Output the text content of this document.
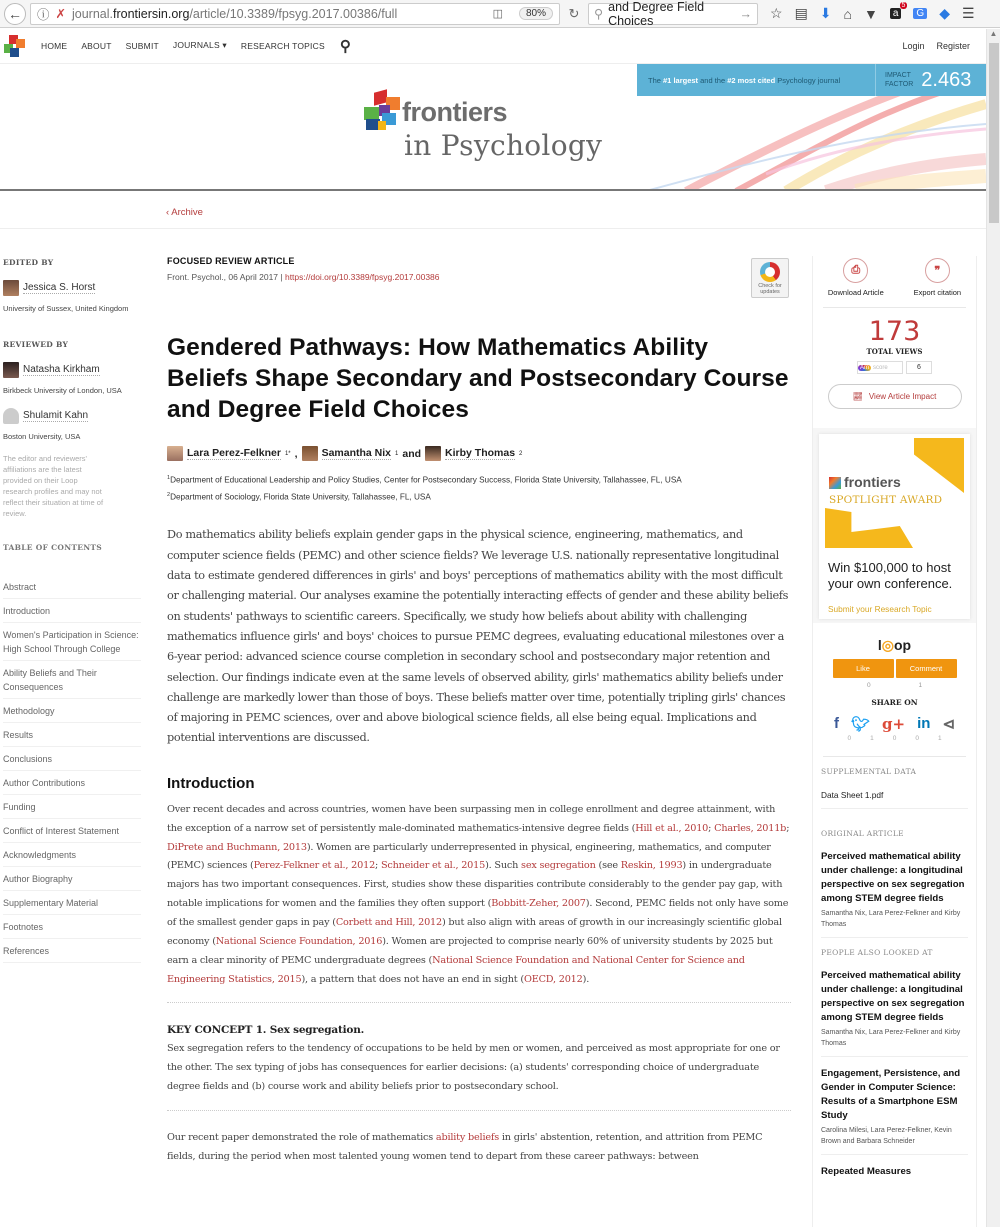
←	ⓘ ✗ journal.frontiersin.org/article/10.3389/fpsyg.2017.00386/full	◫	80%	↻	⚲
and Degree Field Choices	→ ☆ ▤ ⬇ ⌂ ▼	a
5
G ◆ ☰
HOME ABOUT SUBMIT JOURNALS ▾ RESEARCH TOPICS ⚲	Login Register
frontiers
in Psychology
The #1 largest and the #2 most cited Psychology journal	IMPACT
FACTOR 2.463
▲
‹ Archive
EDITED BY
Jessica S. Horst
University of Sussex, United Kingdom
REVIEWED BY
Natasha Kirkham
Birkbeck University of London, USA
Shulamit Kahn
Boston University, USA
The editor and reviewers' affiliations are the latest provided on their Loop research profiles and may not reflect their situation at time of review.
TABLE OF CONTENTS
Abstract
Introduction
Women's Participation in Science: High School Through College
Ability Beliefs and Their Consequences
Methodology
Results
Conclusions
Author Contributions
Funding
Conflict of Interest Statement
Acknowledgments
Author Biography
Supplementary Material
Footnotes
References
FOCUSED REVIEW ARTICLE
Front. Psychol., 06 April 2017 | https://doi.org/10.3389/fpsyg.2017.00386
Check for updates
Gendered Pathways: How Mathematics Ability Beliefs Shape Secondary and Postsecondary Course and Degree Field Choices
Lara Perez-Felkner 1* , Samantha Nix 1 and Kirby Thomas 2
$^1$Department of Educational Leadership and Policy Studies, Center for Postsecondary Success, Florida State University, Tallahassee, FL, USA
$^2$Department of Sociology, Florida State University, Tallahassee, FL, USA

Do mathematics ability beliefs explain gender gaps in the physical science, engineering, mathematics, and computer science fields (PEMC) and other science fields? We leverage U.S. nationally representative longitudinal data to estimate gendered differences in girls' and boys' perceptions of mathematics ability with the most difficult or challenging material. Our analyses examine the potentially interacting effects of gender and these ability beliefs on students' pathways to scientific careers. Specifically, we study how beliefs about ability with challenging mathematics influence girls' and boys' choices to pursue PEMC degrees, evaluating educational milestones over a 6-year period: advanced science course completion in secondary school and postsecondary major retention and selection. Our findings indicate even at the same levels of observed ability, girls' mathematics ability beliefs under challenge are markedly lower than those of boys. These beliefs matter over time, potentially tripling girls' chances of majoring in PEMC sciences, over and above biological science fields, all else being equal. Implications and potential interventions are discussed.

Introduction

Over recent decades and across countries, women have been surpassing men in college enrollment and degree attainment, with the exception of a narrow set of persistently male-dominated mathematics-intensive degree fields (Hill et al., 2010; Charles, 2011b; DiPrete and Buchmann, 2013). Women are particularly underrepresented in physical, engineering, mathematics, and computer (PEMC) sciences (Perez-Felkner et al., 2012; Schneider et al., 2015). Such sex segregation (see Reskin, 1993) in undergraduate majors has two important consequences. First, studies show these disparities contribute considerably to the gender pay gap, with notable implications for women and the families they often support (Bobbitt-Zeher, 2007). Second, PEMC fields not only have some of the smallest gender gaps in pay (Corbett and Hill, 2012) but also align with areas of growth in our increasingly scientific global economy (National Science Foundation, 2016). Women are projected to comprise nearly 60% of university students by 2025 but earn a clear minority of PEMC undergraduate degrees (National Science Foundation and National Center for Science and Engineering Statistics, 2015), a pattern that does not have an end in sight (OECD, 2012).

KEY CONCEPT 1. Sex segregation.
Sex segregation refers to the tendency of occupations to be held by men or women, and perceived as most appropriate for one or the other. The sex typing of jobs has consequences for earlier decisions: (a) students' corresponding choice of undergraduate degree fields and (b) course work and ability beliefs prior to postsecondary school.

Our recent paper demonstrated the role of mathematics ability beliefs in girls' abstention, retention, and attrition from PEMC fields, during the period when most talented young women tend to depart from these career pathways: between

⎙
Download Article
❞
Export citation
173
TOTAL VIEWS
Am score	6
📈︎ View Article Impact
frontiers
SPOTLIGHT AWARD
Win $100,000 to host your own conference.
Submit your Research Topic
l◎op
Like	Comment
0	1
SHARE ON
f 🐦︎ g+ in ⊲
0	1	0	0	1
SUPPLEMENTAL DATA
Data Sheet 1.pdf
ORIGINAL ARTICLE
Perceived mathematical ability under challenge: a longitudinal perspective on sex segregation among STEM degree fields
Samantha Nix, Lara Perez-Felkner and Kirby Thomas
PEOPLE ALSO LOOKED AT
Perceived mathematical ability under challenge: a longitudinal perspective on sex segregation among STEM degree fields
Samantha Nix, Lara Perez-Felkner and Kirby Thomas
Engagement, Persistence, and Gender in Computer Science: Results of a Smartphone ESM Study
Carolina Milesi, Lara Perez-Felkner, Kevin Brown and Barbara Schneider
Repeated Measures
